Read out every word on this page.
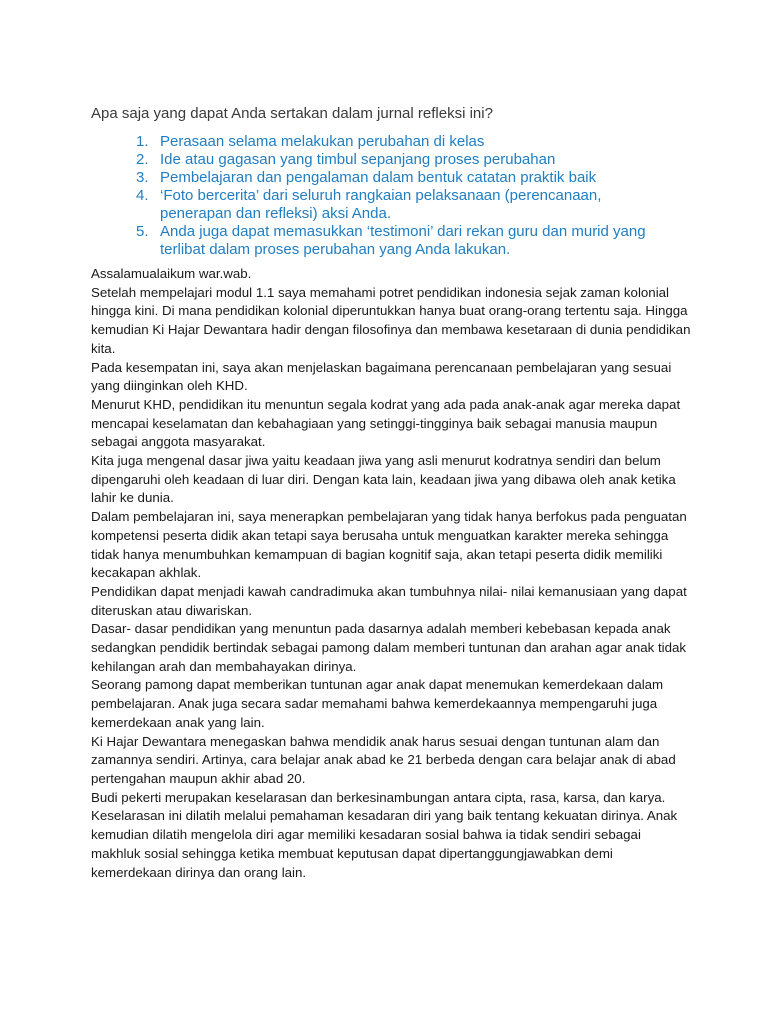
Apa saja yang dapat Anda sertakan dalam jurnal refleksi ini?

1. Perasaan selama melakukan perubahan di kelas
2. Ide atau gagasan yang timbul sepanjang proses perubahan
3. Pembelajaran dan pengalaman dalam bentuk catatan praktik baik
4. ‘Foto bercerita’ dari seluruh rangkaian pelaksanaan (perencanaan, penerapan dan refleksi) aksi Anda.
5. Anda juga dapat memasukkan ‘testimoni’ dari rekan guru dan murid yang terlibat dalam proses perubahan yang Anda lakukan.

Assalamualaikum war.wab.

Setelah mempelajari modul 1.1 saya memahami potret pendidikan indonesia sejak zaman kolonial hingga kini. Di mana pendidikan kolonial diperuntukkan hanya buat orang-orang tertentu saja. Hingga kemudian Ki Hajar Dewantara hadir dengan filosofinya dan membawa kesetaraan di dunia pendidikan kita.

Pada kesempatan ini, saya akan menjelaskan bagaimana perencanaan pembelajaran yang sesuai yang diinginkan oleh KHD.

Menurut KHD, pendidikan itu menuntun segala kodrat yang ada pada anak-anak agar mereka dapat mencapai keselamatan dan kebahagiaan yang setinggi-tingginya baik sebagai manusia maupun sebagai anggota masyarakat.

Kita juga mengenal dasar jiwa yaitu keadaan jiwa yang asli menurut kodratnya sendiri dan belum dipengaruhi oleh keadaan di luar diri. Dengan kata lain, keadaan jiwa yang dibawa oleh anak ketika lahir ke dunia.

Dalam pembelajaran ini, saya menerapkan pembelajaran yang tidak hanya berfokus pada penguatan kompetensi peserta didik akan tetapi saya berusaha untuk menguatkan karakter mereka sehingga tidak hanya menumbuhkan kemampuan di bagian kognitif saja, akan tetapi peserta didik memiliki kecakapan akhlak.

Pendidikan dapat menjadi kawah candradimuka akan tumbuhnya nilai- nilai kemanusiaan yang dapat diteruskan atau diwariskan.

Dasar- dasar pendidikan yang menuntun pada dasarnya adalah memberi kebebasan kepada anak sedangkan pendidik bertindak sebagai pamong dalam memberi tuntunan dan arahan agar anak tidak kehilangan arah dan membahayakan dirinya.

Seorang pamong dapat memberikan tuntunan agar anak dapat menemukan kemerdekaan dalam pembelajaran. Anak juga secara sadar memahami bahwa kemerdekaannya mempengaruhi juga kemerdekaan anak yang lain.

Ki Hajar Dewantara menegaskan bahwa mendidik anak harus sesuai dengan tuntunan alam dan zamannya sendiri. Artinya, cara belajar anak abad ke 21 berbeda dengan cara belajar anak di abad pertengahan maupun akhir abad 20.

Budi pekerti merupakan keselarasan dan berkesinambungan antara cipta, rasa, karsa, dan karya. Keselarasan ini dilatih melalui pemahaman kesadaran diri yang baik tentang kekuatan dirinya. Anak kemudian dilatih mengelola diri agar memiliki kesadaran sosial bahwa ia tidak sendiri sebagai makhluk sosial sehingga ketika membuat keputusan dapat dipertanggungjawabkan demi kemerdekaan dirinya dan orang lain.
